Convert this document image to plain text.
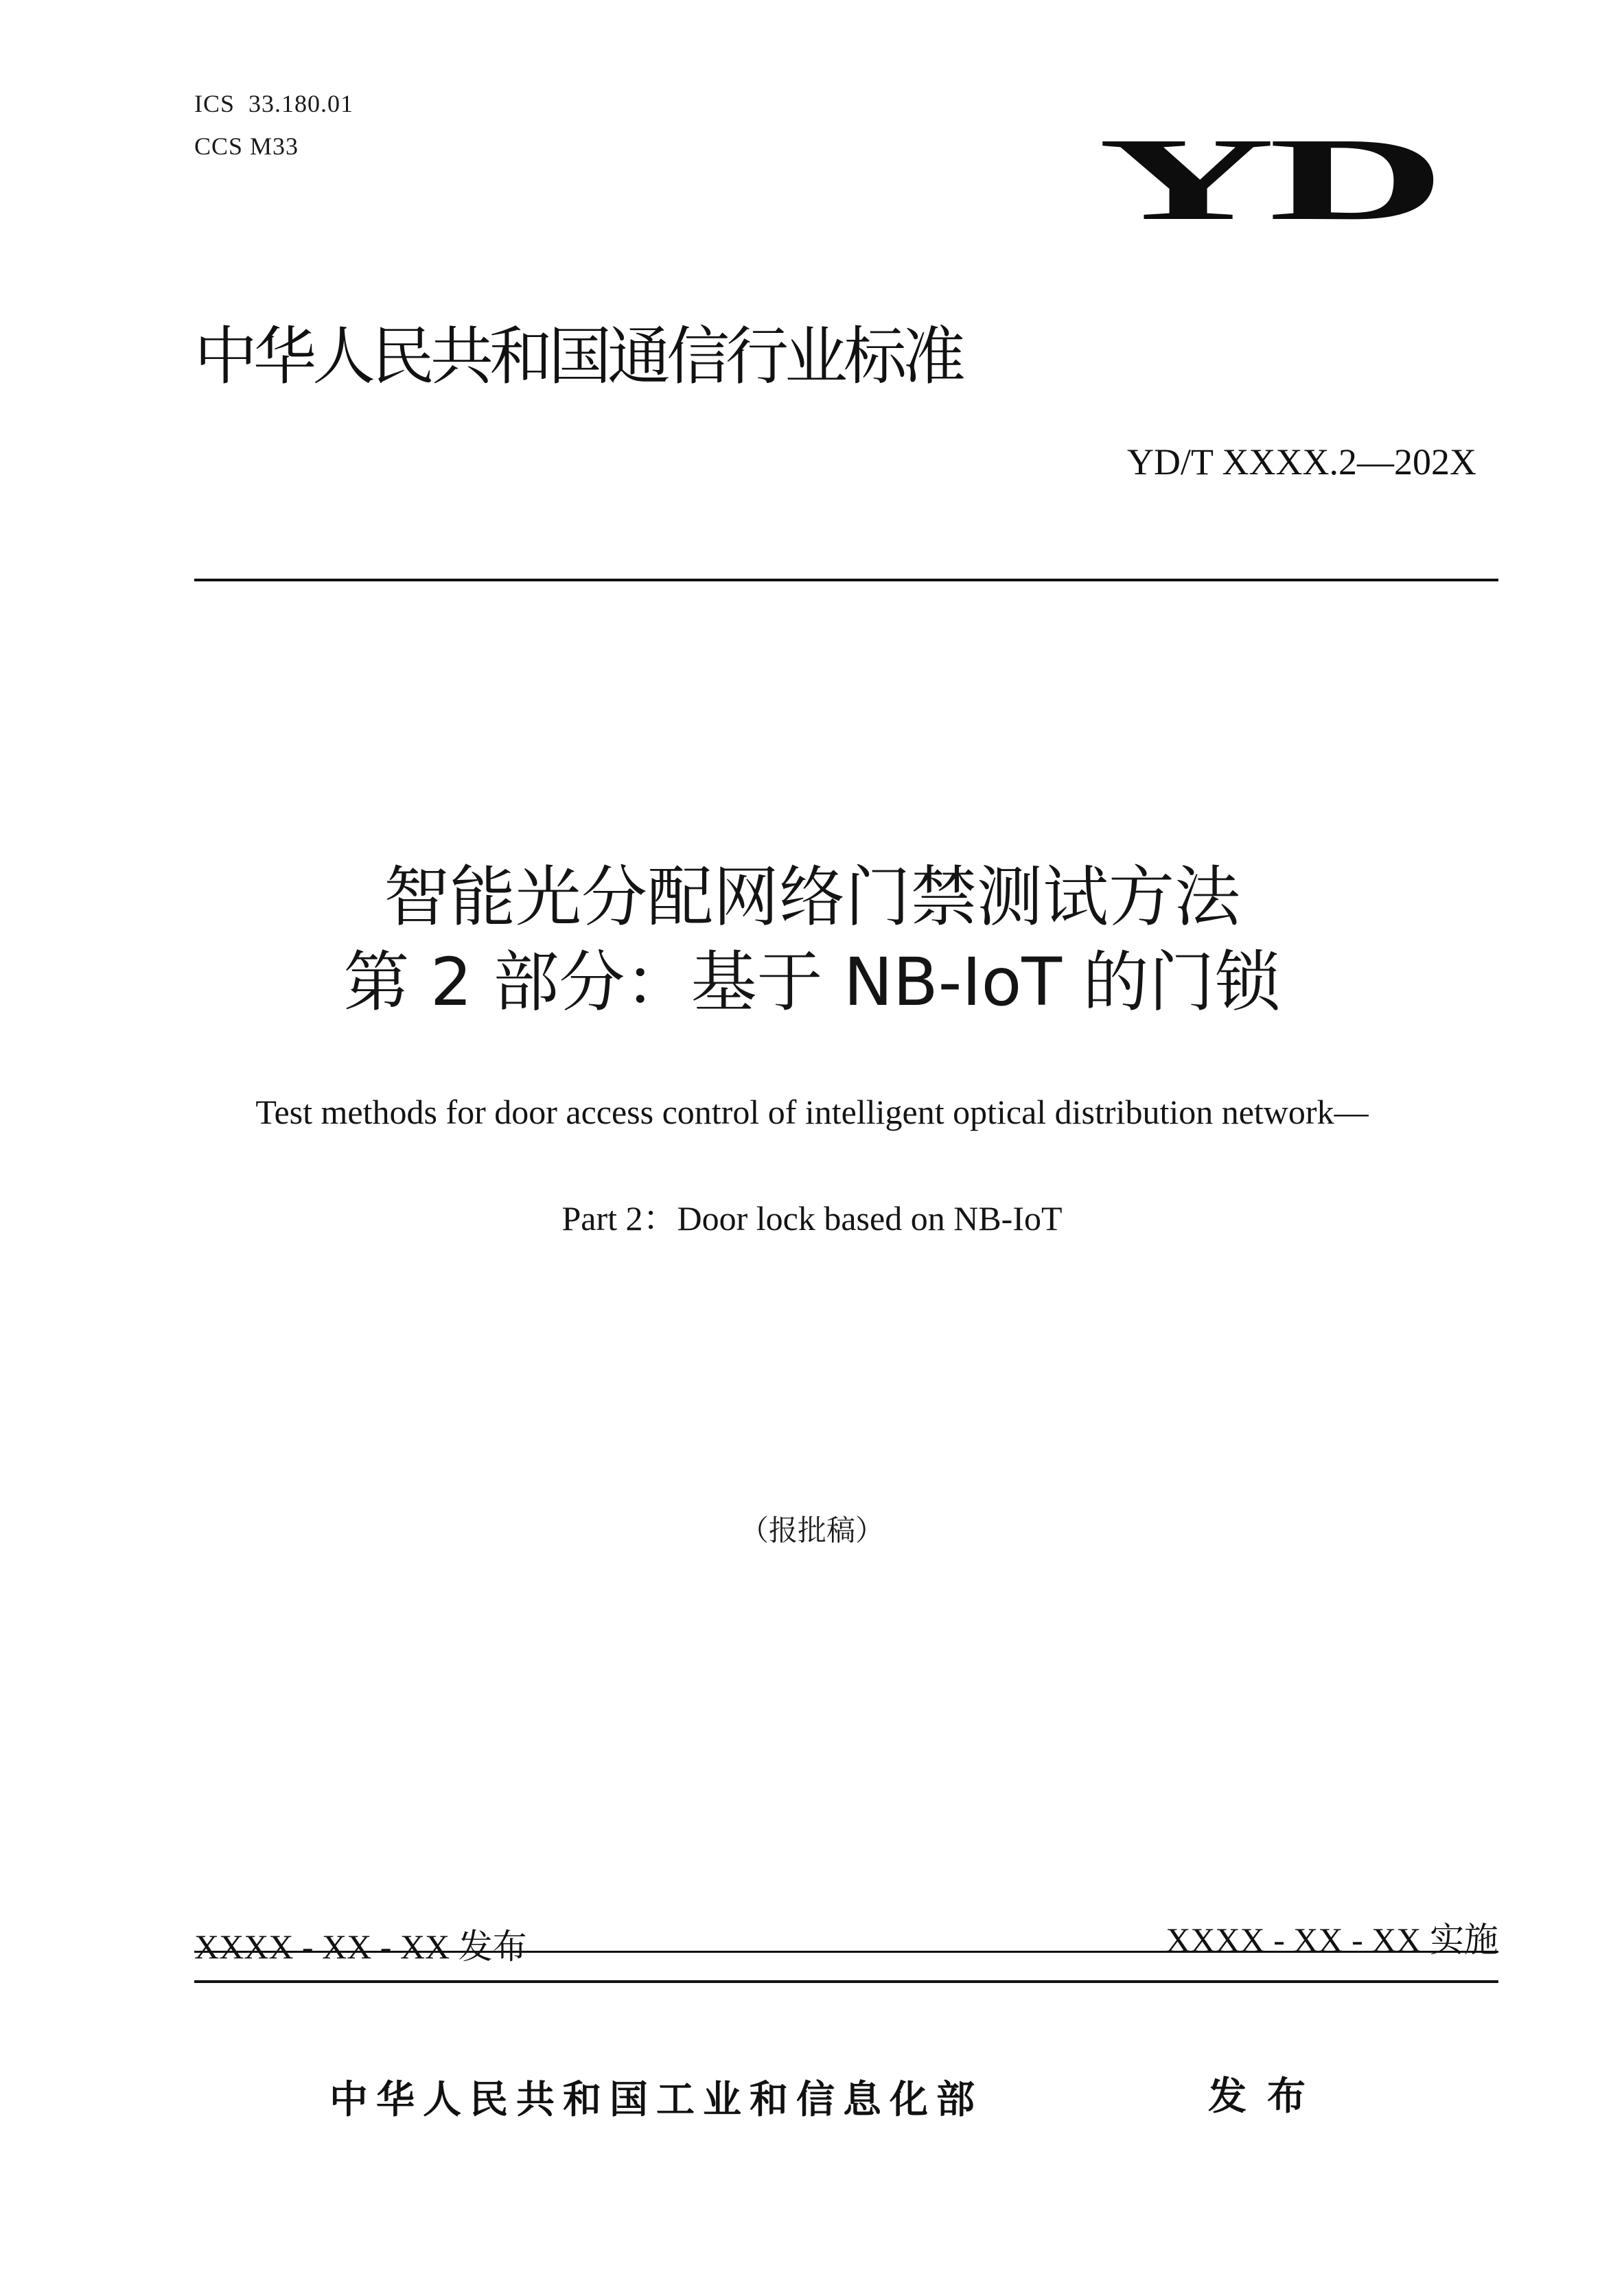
ICS  33.180.01
CCS M33	YD
中华人民共和国通信行业标准
YD/T XXXX.2—202X
智能光分配网络门禁测试方法
第 2 部分：基于 NB-IoT 的门锁
Test methods for door access control of intelligent optical distribution network—
Part 2：Door lock based on NB-IoT
（报批稿）
XXXX - XX - XX 发布	XXXX - XX - XX 实施
中华人民共和国工业和信息化部	发布
